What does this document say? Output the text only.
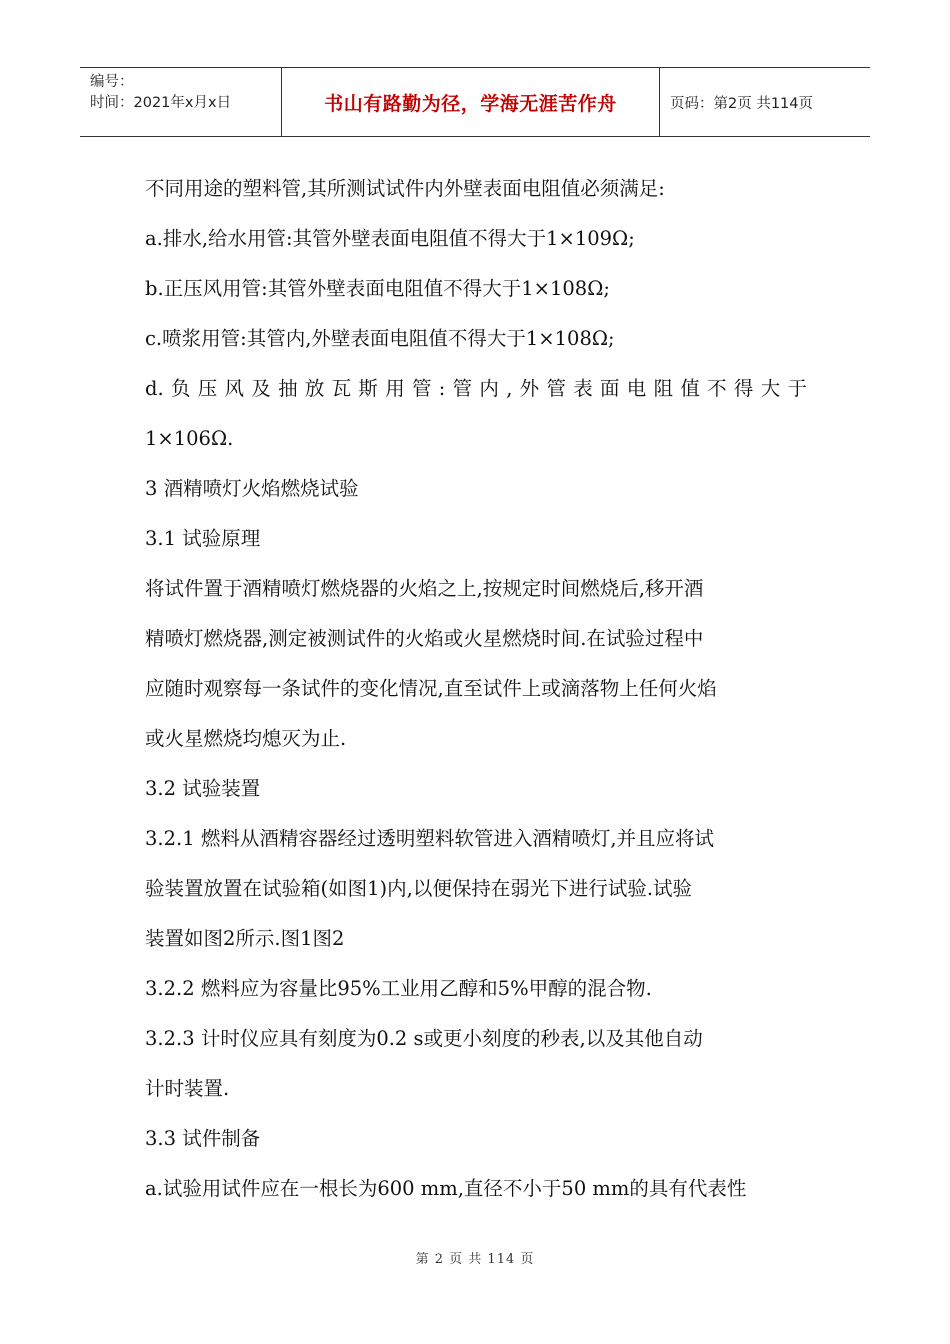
编号：
时间：2021年x月x日	书山有路勤为径，学海无涯苦作舟	页码：第2页 共114页
不同用途的塑料管,其所测试试件内外壁表面电阻值必须满足:
a.排水,给水用管:其管外壁表面电阻值不得大于1×109Ω;
b.正压风用管:其管外壁表面电阻值不得大于1×108Ω;
c.喷浆用管:其管内,外壁表面电阻值不得大于1×108Ω;
d.负压风及抽放瓦斯用管:管内,外管表面电阻值不得大于
1×106Ω.
3 酒精喷灯火焰燃烧试验
3.1 试验原理
将试件置于酒精喷灯燃烧器的火焰之上,按规定时间燃烧后,移开酒
精喷灯燃烧器,测定被测试件的火焰或火星燃烧时间.在试验过程中
应随时观察每一条试件的变化情况,直至试件上或滴落物上任何火焰
或火星燃烧均熄灭为止.
3.2 试验装置
3.2.1 燃料从酒精容器经过透明塑料软管进入酒精喷灯,并且应将试
验装置放置在试验箱(如图1)内,以便保持在弱光下进行试验.试验
装置如图2所示.图1图2
3.2.2 燃料应为容量比95%工业用乙醇和5%甲醇的混合物.
3.2.3 计时仪应具有刻度为0.2 s或更小刻度的秒表,以及其他自动
计时装置.
3.3 试件制备
a.试验用试件应在一根长为600 mm,直径不小于50 mm的具有代表性
第 2 页 共 114 页
